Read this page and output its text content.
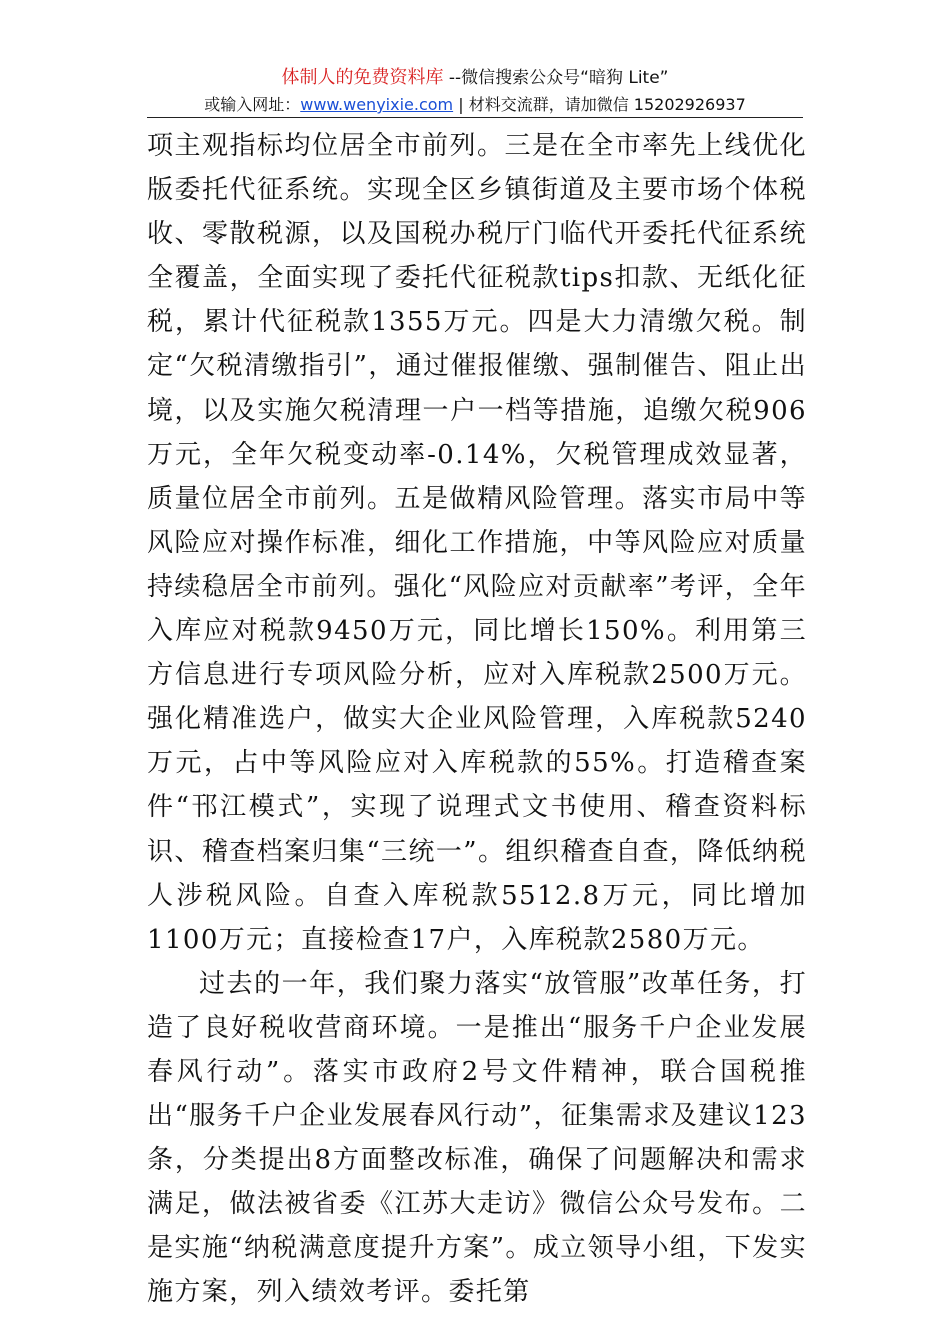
体制人的免费资料库 --微信搜索公众号“暗狗 Lite”
或输入网址：www.wenyixie.com | 材料交流群，请加微信 15202926937

项主观指标均位居全市前列。三是在全市率先上线优化版委托代征系统。实现全区乡镇街道及主要市场个体税收、零散税源，以及国税办税厅门临代开委托代征系统全覆盖，全面实现了委托代征税款tips扣款、无纸化征税，累计代征税款1355万元。四是大力清缴欠税。制定“欠税清缴指引”，通过催报催缴、强制催告、阻止出境，以及实施欠税清理一户一档等措施，追缴欠税906万元，全年欠税变动率-0.14%，欠税管理成效显著，质量位居全市前列。五是做精风险管理。落实市局中等风险应对操作标准，细化工作措施，中等风险应对质量持续稳居全市前列。强化“风险应对贡献率”考评，全年入库应对税款9450万元，同比增长150%。利用第三方信息进行专项风险分析，应对入库税款2500万元。强化精准选户，做实大企业风险管理，入库税款5240万元，占中等风险应对入库税款的55%。打造稽查案件“邗江模式”，实现了说理式文书使用、稽查资料标识、稽查档案归集“三统一”。组织稽查自查，降低纳税人涉税风险。自查入库税款5512.8万元，同比增加1100万元；直接检查17户，入库税款2580万元。

过去的一年，我们聚力落实“放管服”改革任务，打造了良好税收营商环境。一是推出“服务千户企业发展春风行动”。落实市政府2号文件精神，联合国税推出“服务千户企业发展春风行动”，征集需求及建议123条，分类提出8方面整改标准，确保了问题解决和需求满足，做法被省委《江苏大走访》微信公众号发布。二是实施“纳税满意度提升方案”。成立领导小组，下发实施方案，列入绩效考评。委托第
